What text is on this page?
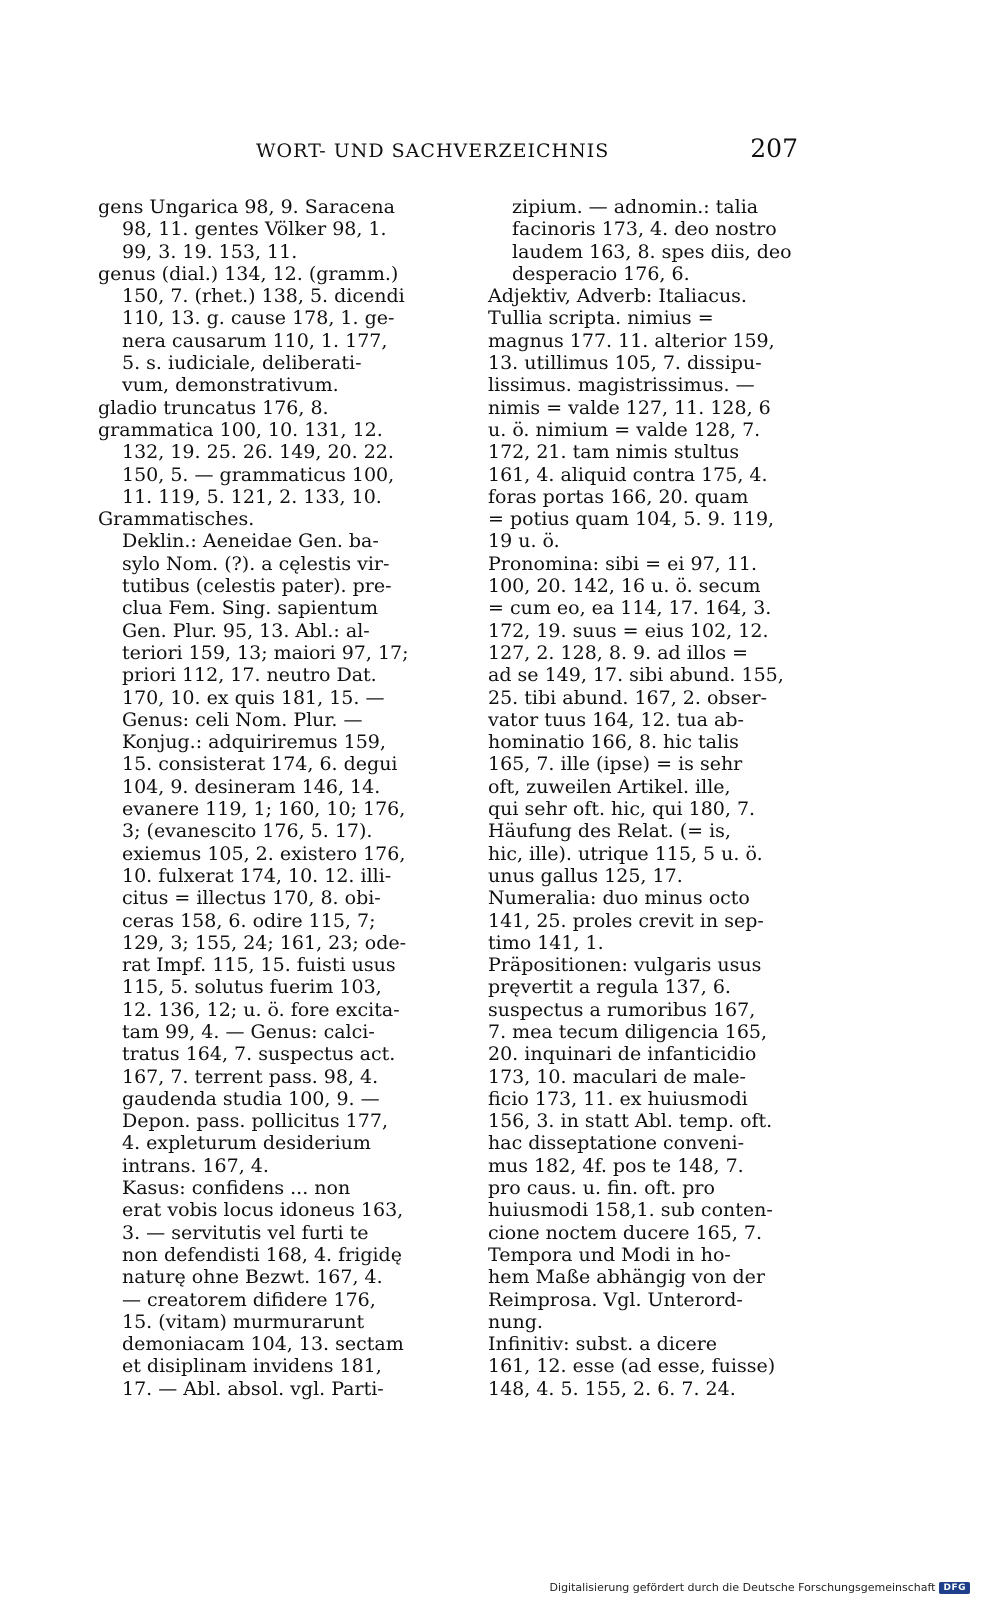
WORT- UND SACHVERZEICHNIS	207
gens Ungarica 98, 9. Saracena
98, 11. gentes Völker 98, 1.
99, 3. 19. 153, 11.
genus (dial.) 134, 12. (gramm.)
150, 7. (rhet.) 138, 5. dicendi
110, 13. g. cause 178, 1. ge-
nera causarum 110, 1. 177,
5. s. iudiciale, deliberati-
vum, demonstrativum.
gladio truncatus 176, 8.
grammatica 100, 10. 131, 12.
132, 19. 25. 26. 149, 20. 22.
150, 5. — grammaticus 100,
11. 119, 5. 121, 2. 133, 10.
Grammatisches.
Deklin.: Aeneidae Gen. ba-
sylo Nom. (?). a cęlestis vir-
tutibus (celestis pater). pre-
clua Fem. Sing. sapientum
Gen. Plur. 95, 13. Abl.: al-
teriori 159, 13; maiori 97, 17;
priori 112, 17. neutro Dat.
170, 10. ex quis 181, 15. —
Genus: celi Nom. Plur. —
Konjug.: adquiriremus 159,
15. consisterat 174, 6. degui
104, 9. desineram 146, 14.
evanere 119, 1; 160, 10; 176,
3; (evanescito 176, 5. 17).
exiemus 105, 2. existero 176,
10. fulxerat 174, 10. 12. illi-
citus = illectus 170, 8. obi-
ceras 158, 6. odire 115, 7;
129, 3; 155, 24; 161, 23; ode-
rat Impf. 115, 15. fuisti usus
115, 5. solutus fuerim 103,
12. 136, 12; u. ö. fore excita-
tam 99, 4. — Genus: calci-
tratus 164, 7. suspectus act.
167, 7. terrent pass. 98, 4.
gaudenda studia 100, 9. —
Depon. pass. pollicitus 177,
4. expleturum desiderium
intrans. 167, 4.
Kasus: confidens ... non
erat vobis locus idoneus 163,
3. — servitutis vel furti te
non defendisti 168, 4. frigidę
naturę ohne Bezwt. 167, 4.
— creatorem difidere 176,
15. (vitam) murmurarunt
demoniacam 104, 13. sectam
et disiplinam invidens 181,
17. — Abl. absol. vgl. Parti-
zipium. — adnomin.: talia
facinoris 173, 4. deo nostro
laudem 163, 8. spes diis, deo
desperacio 176, 6.
Adjektiv, Adverb: Italiacus.
Tullia scripta. nimius =
magnus 177. 11. alterior 159,
13. utillimus 105, 7. dissipu-
lissimus. magistrissimus. —
nimis = valde 127, 11. 128, 6
u. ö. nimium = valde 128, 7.
172, 21. tam nimis stultus
161, 4. aliquid contra 175, 4.
foras portas 166, 20. quam
= potius quam 104, 5. 9. 119,
19 u. ö.
Pronomina: sibi = ei 97, 11.
100, 20. 142, 16 u. ö. secum
= cum eo, ea 114, 17. 164, 3.
172, 19. suus = eius 102, 12.
127, 2. 128, 8. 9. ad illos =
ad se 149, 17. sibi abund. 155,
25. tibi abund. 167, 2. obser-
vator tuus 164, 12. tua ab-
hominatio 166, 8. hic talis
165, 7. ille (ipse) = is sehr
oft, zuweilen Artikel. ille,
qui sehr oft. hic, qui 180, 7.
Häufung des Relat. (= is,
hic, ille). utrique 115, 5 u. ö.
unus gallus 125, 17.
Numeralia: duo minus octo
141, 25. proles crevit in sep-
timo 141, 1.
Präpositionen: vulgaris usus
pręvertit a regula 137, 6.
suspectus a rumoribus 167,
7. mea tecum diligencia 165,
20. inquinari de infanticidio
173, 10. maculari de male-
ficio 173, 11. ex huiusmodi
156, 3. in statt Abl. temp. oft.
hac disseptatione conveni-
mus 182, 4f. pos te 148, 7.
pro caus. u. fin. oft. pro
huiusmodi 158,1. sub conten-
cione noctem ducere 165, 7.
Tempora und Modi in ho-
hem Maße abhängig von der
Reimprosa. Vgl. Unterord-
nung.
Infinitiv: subst. a dicere
161, 12. esse (ad esse, fuisse)
148, 4. 5. 155, 2. 6. 7. 24.
Digitalisierung gefördert durch die Deutsche Forschungsgemeinschaft DFG
